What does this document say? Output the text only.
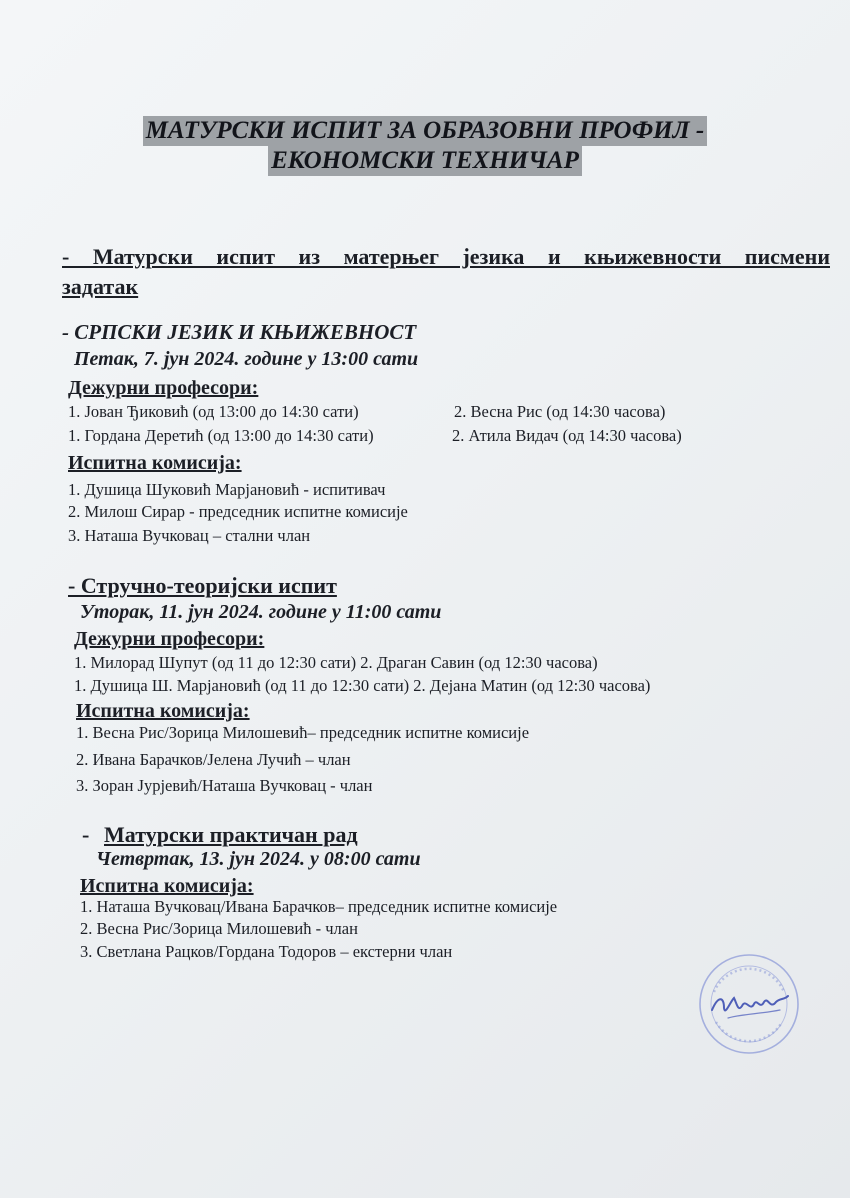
МАТУРСКИ ИСПИТ ЗА ОБРАЗОВНИ ПРОФИЛ -
ЕКОНОМСКИ ТЕХНИЧАР
- Матурски испит из матерњег језика и књижевности писмени
задатак
- СРПСКИ ЈЕЗИК И КЊИЖЕВНОСТ
Петак, 7. јун 2024. године у 13:00 сати
Дежурни професори:
1. Јован Ђиковић (од 13:00 до 14:30 сати)	2. Весна Рис (од 14:30 часова)
1. Гордана Деретић (од 13:00 до 14:30 сати)	2. Атила Видач (од 14:30 часова)
Испитна комисија:
1. Душица Шуковић Марјановић - испитивач
2. Милош Сирар - председник испитне комисије
3. Наташа Вучковац – стални члан
- Стручно-теоријски испит
Уторак, 11. јун 2024. године у 11:00 сати
Дежурни професори:
1. Милорад Шупут (од 11 до 12:30 сати) 2. Драган Савин (од 12:30 часова)
1. Душица Ш. Марјановић (од 11 до 12:30 сати) 2. Дејана Матин (од 12:30 часова)
Испитна комисија:
1. Весна Рис/Зорица Милошевић– председник испитне комисије
2. Ивана Барачков/Јелена Лучић – члан
3. Зоран Јурјевић/Наташа Вучковац - члан
- Матурски практичан рад
Четвртак, 13. јун 2024. у 08:00 сати
Испитна комисија:
1. Наташа Вучковац/Ивана Барачков– председник испитне комисије
2. Весна Рис/Зорица Милошевић - члан
3. Светлана Рацков/Гордана Тодоров – екстерни члан
